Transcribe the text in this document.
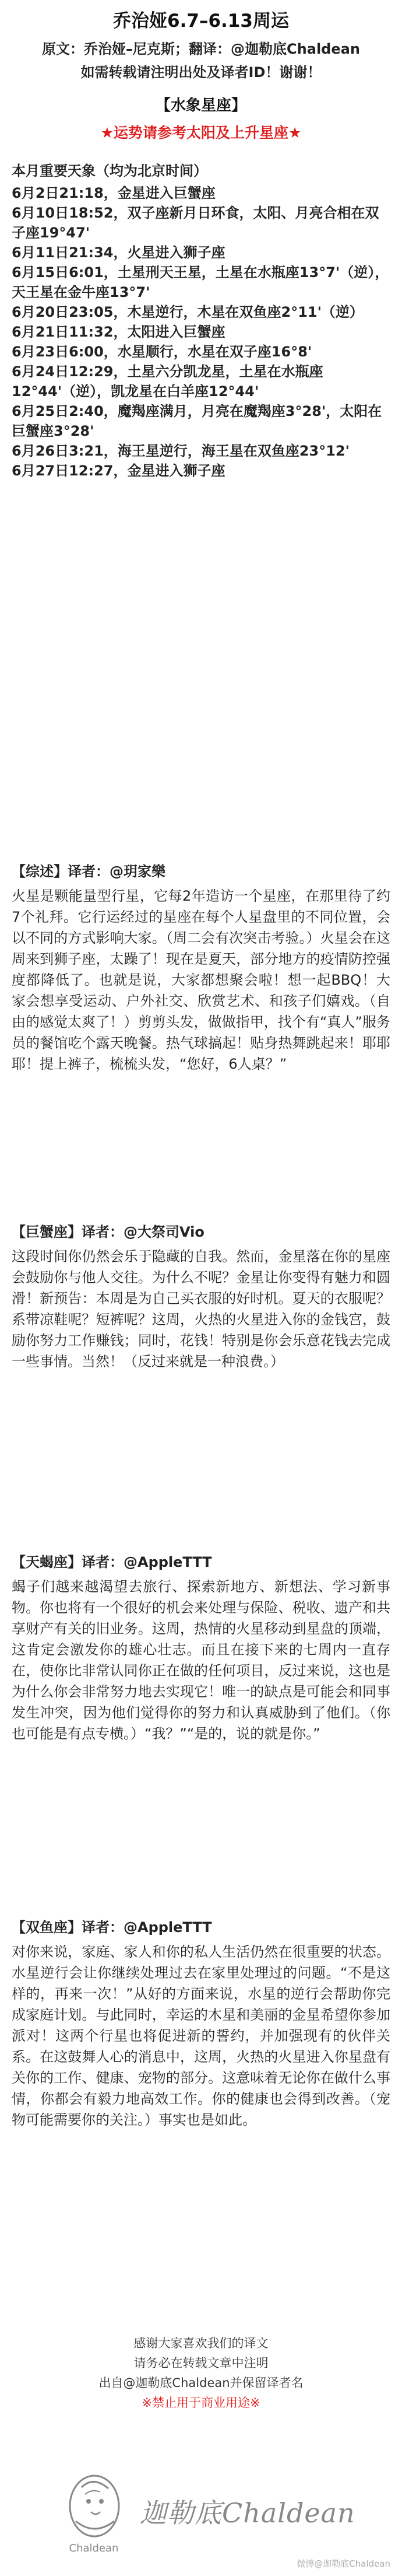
乔治娅6.7–6.13周运
原文：乔治娅–尼克斯；翻译：@迦勒底Chaldean
如需转载请注明出处及译者ID！谢谢！
【水象星座】
★运势请参考太阳及上升星座★
本月重要天象（均为北京时间）
6月2日21:18，金星进入巨蟹座
6月10日18:52，双子座新月日环食，太阳、月亮合相在双子座19°47'
6月11日21:34，火星进入狮子座
6月15日6:01，土星刑天王星，土星在水瓶座13°7'（逆），天王星在金牛座13°7'
6月20日23:05，木星逆行，木星在双鱼座2°11'（逆）
6月21日11:32，太阳进入巨蟹座
6月23日6:00，水星顺行，水星在双子座16°8'
6月24日12:29，土星六分凯龙星，土星在水瓶座12°44'（逆），凯龙星在白羊座12°44'
6月25日2:40，魔羯座满月，月亮在魔羯座3°28'，太阳在巨蟹座3°28'
6月26日3:21，海王星逆行，海王星在双鱼座23°12'
6月27日12:27，金星进入狮子座
【综述】译者：@玥家樂
火星是颗能量型行星，它每2年造访一个星座，在那里待了约7个礼拜。它行运经过的星座在每个人星盘里的不同位置，会以不同的方式影响大家。（周二会有次突击考验。）火星会在这周来到狮子座，太躁了！现在是夏天，部分地方的疫情防控强度都降低了。也就是说，大家都想聚会啦！想一起BBQ！大家会想享受运动、户外社交、欣赏艺术、和孩子们嬉戏。（自由的感觉太爽了！）剪剪头发，做做指甲，找个有“真人”服务员的餐馆吃个露天晚餐。热气球搞起！贴身热舞跳起来！耶耶耶！提上裤子，梳梳头发，“您好，6人桌？”
【巨蟹座】译者：@大祭司Vio
这段时间你仍然会乐于隐藏的自我。然而，金星落在你的星座会鼓励你与他人交往。为什么不呢？金星让你变得有魅力和圆滑！新预告：本周是为自己买衣服的好时机。夏天的衣服呢？系带凉鞋呢？短裤呢？这周，火热的火星进入你的金钱宫，鼓励你努力工作赚钱；同时，花钱！特别是你会乐意花钱去完成一些事情。当然！（反过来就是一种浪费。）
【天蝎座】译者：@AppleTTT
蝎子们越来越渴望去旅行、探索新地方、新想法、学习新事物。你也将有一个很好的机会来处理与保险、税收、遗产和共享财产有关的旧业务。这周，热情的火星移动到星盘的顶端，这肯定会激发你的雄心壮志。而且在接下来的七周内一直存在，使你比非常认同你正在做的任何项目，反过来说，这也是为什么你会非常努力地去实现它！唯一的缺点是可能会和同事发生冲突，因为他们觉得你的努力和认真威胁到了他们。（你也可能是有点专横。）“我？”“是的，说的就是你。”
【双鱼座】译者：@AppleTTT
对你来说，家庭、家人和你的私人生活仍然在很重要的状态。水星逆行会让你继续处理过去在家里处理过的问题。“不是这样的，再来一次！”从好的方面来说，水星的逆行会帮助你完成家庭计划。与此同时，幸运的木星和美丽的金星希望你参加派对！这两个行星也将促进新的誓约，并加强现有的伙伴关系。在这鼓舞人心的消息中，这周，火热的火星进入你星盘有关你的工作、健康、宠物的部分。这意味着无论你在做什么事情，你都会有毅力地高效工作。你的健康也会得到改善。（宠物可能需要你的关注。）事实也是如此。
感谢大家喜欢我们的译文
请务必在转载文章中注明
出自@迦勒底Chaldean并保留译者名
※禁止用于商业用途※
迦勒底Chaldean
Chaldean
微博@迦勒底Chaldean
